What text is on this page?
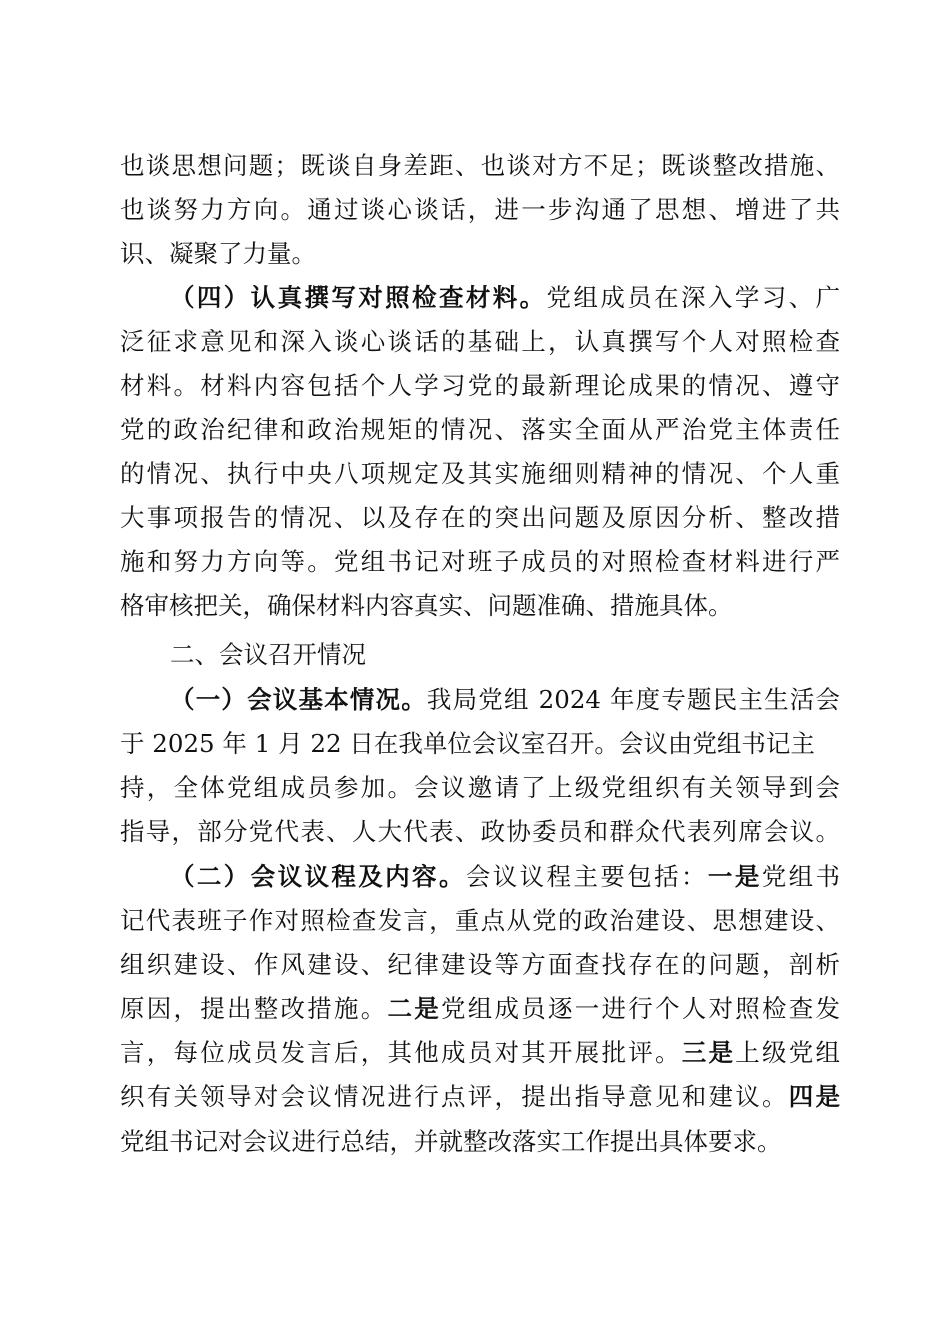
也谈思想问题；既谈自身差距、也谈对方不足；既谈整改措施、
也谈努力方向。通过谈心谈话，进一步沟通了思想、增进了共
识、凝聚了力量。
（四）认真撰写对照检查材料。党组成员在深入学习、广
泛征求意见和深入谈心谈话的基础上，认真撰写个人对照检查
材料。材料内容包括个人学习党的最新理论成果的情况、遵守
党的政治纪律和政治规矩的情况、落实全面从严治党主体责任
的情况、执行中央八项规定及其实施细则精神的情况、个人重
大事项报告的情况、以及存在的突出问题及原因分析、整改措
施和努力方向等。党组书记对班子成员的对照检查材料进行严
格审核把关，确保材料内容真实、问题准确、措施具体。
二、会议召开情况
（一）会议基本情况。我局党组 2024 年度专题民主生活会
于 2025 年 1 月 22 日在我单位会议室召开。会议由党组书记主
持，全体党组成员参加。会议邀请了上级党组织有关领导到会
指导，部分党代表、人大代表、政协委员和群众代表列席会议。
（二）会议议程及内容。会议议程主要包括：一是党组书
记代表班子作对照检查发言，重点从党的政治建设、思想建设、
组织建设、作风建设、纪律建设等方面查找存在的问题，剖析
原因，提出整改措施。二是党组成员逐一进行个人对照检查发
言，每位成员发言后，其他成员对其开展批评。三是上级党组
织有关领导对会议情况进行点评，提出指导意见和建议。四是
党组书记对会议进行总结，并就整改落实工作提出具体要求。
